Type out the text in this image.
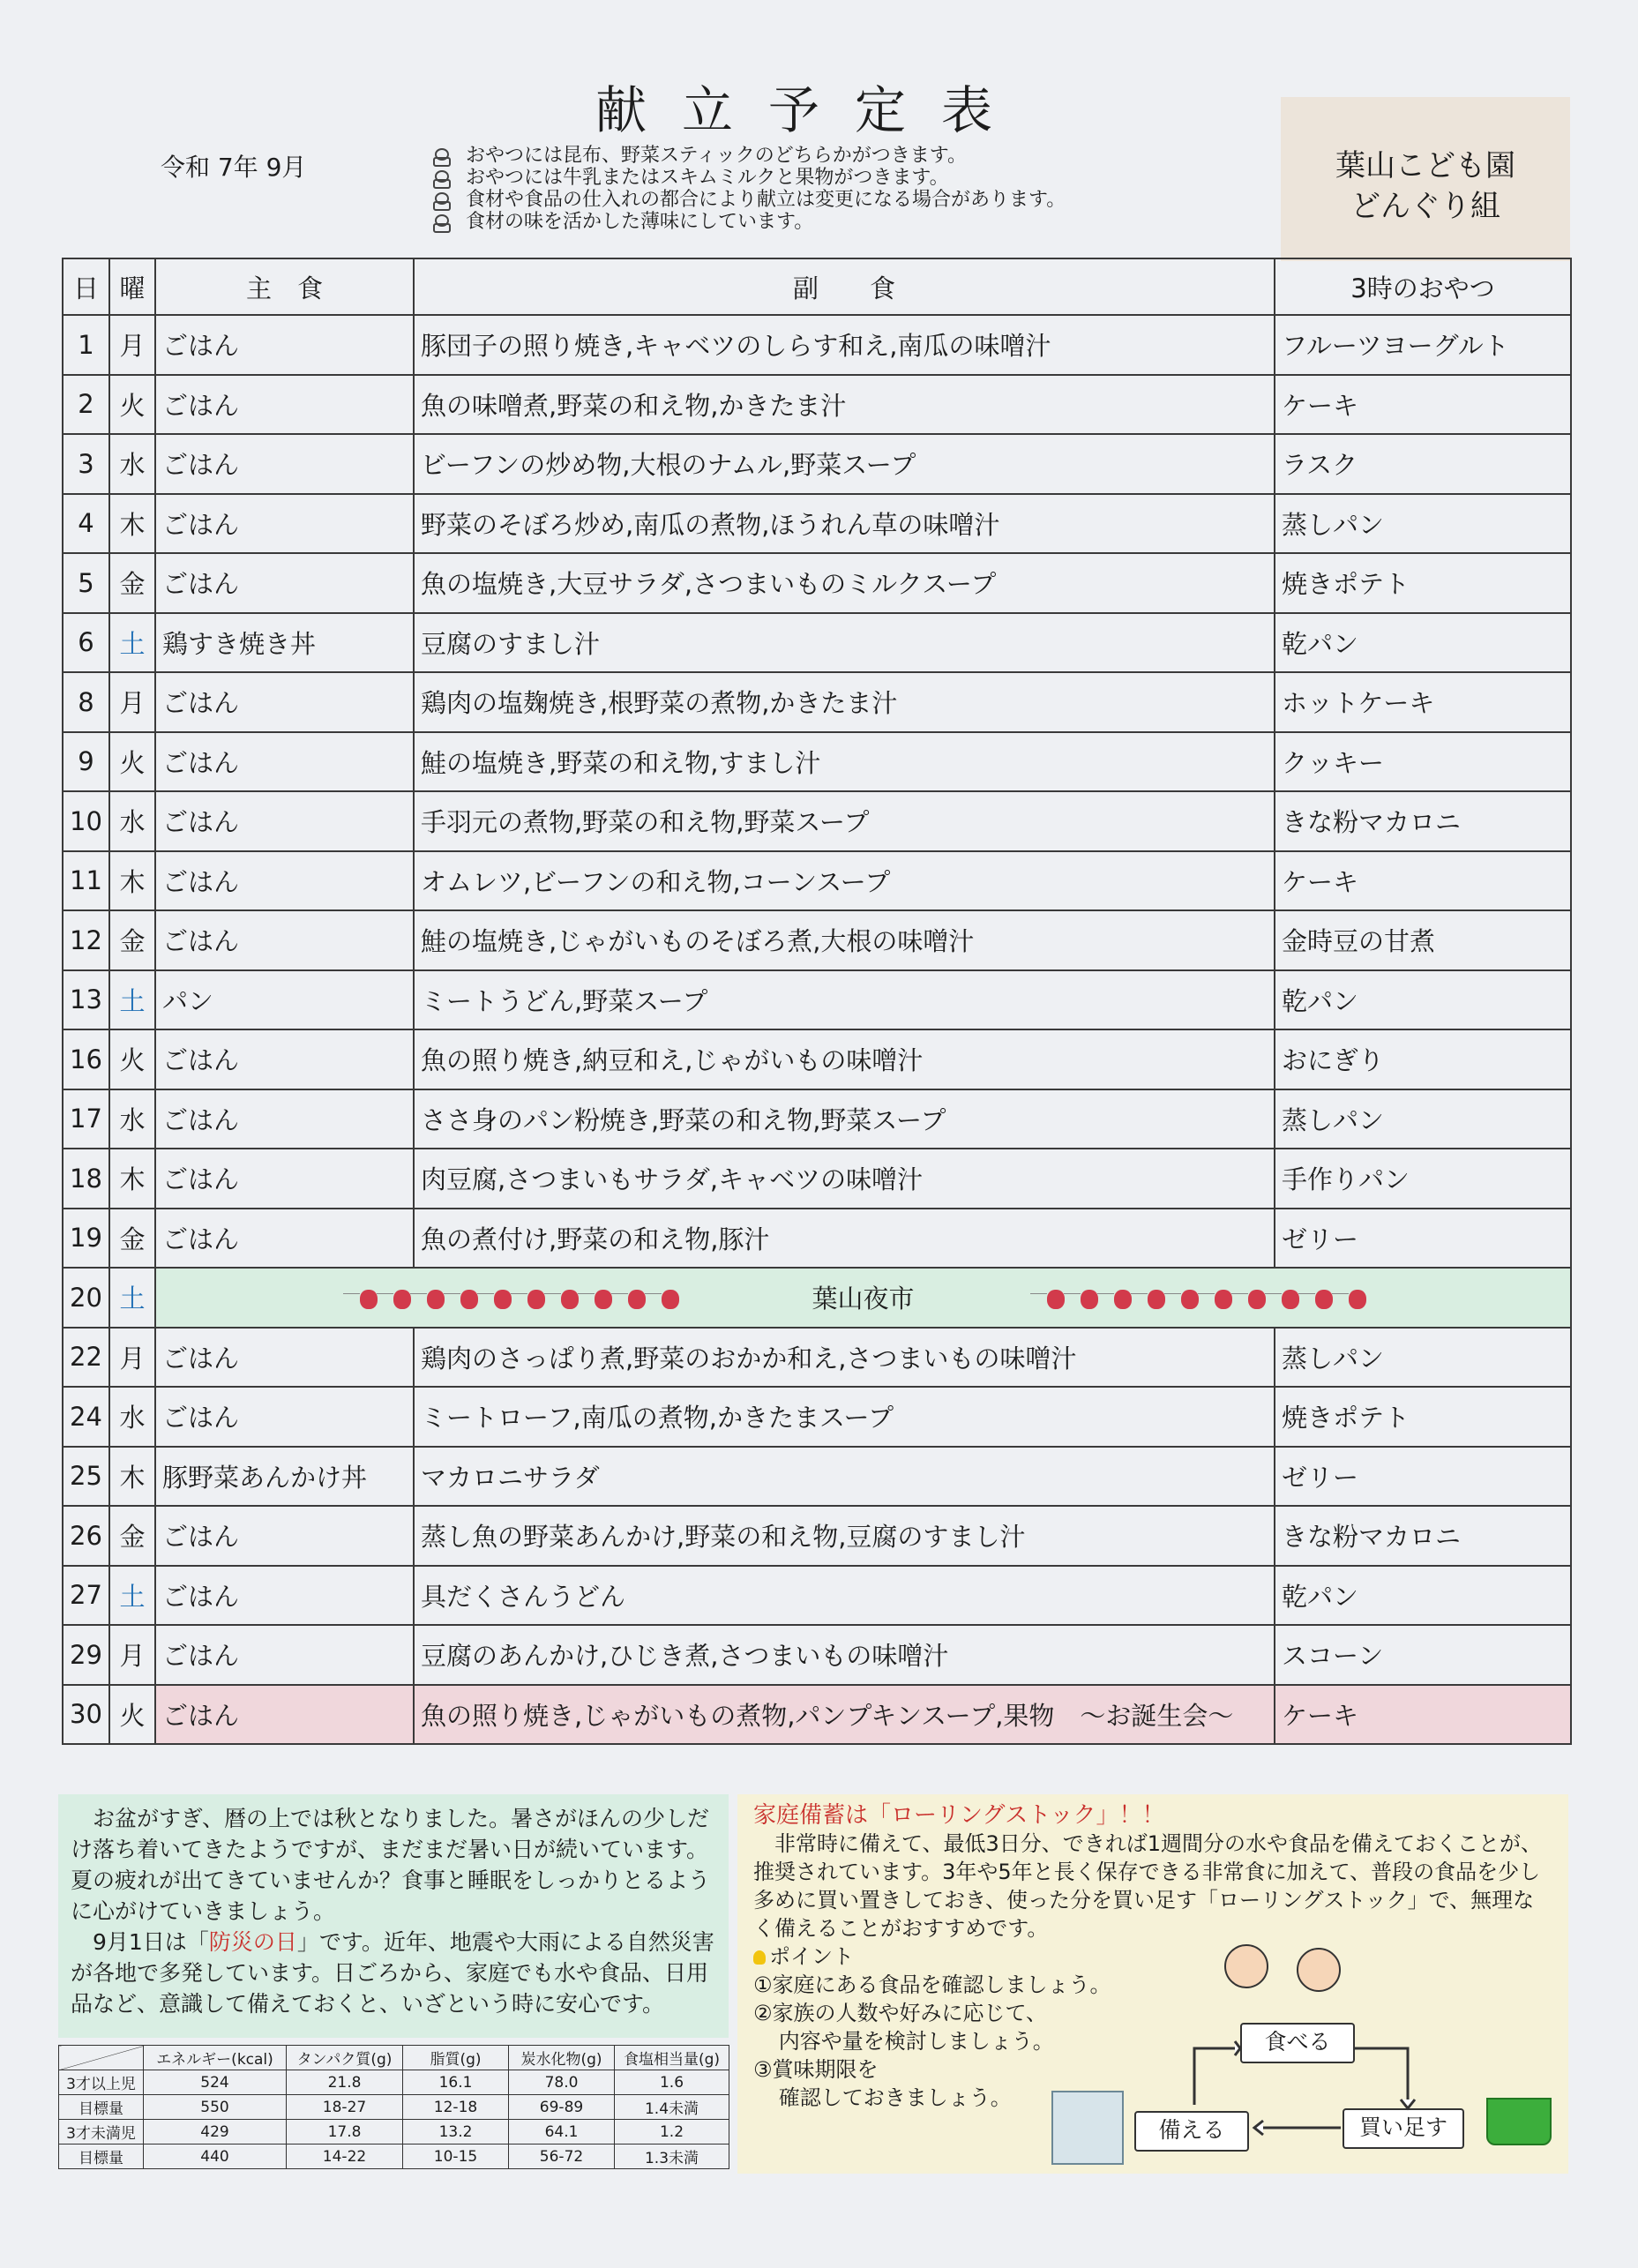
献立予定表
令和 7年 9月	おやつには昆布、野菜スティックのどちらかがつきます。
おやつには牛乳またはスキムミルクと果物がつきます。
食材や食品の仕入れの都合により献立は変更になる場合があります。
食材の味を活かした薄味にしています。
葉山こども園
どんぐり組
日	曜	主　食	副　　食	3時のおやつ
1	月	ごはん	豚団子の照り焼き,キャベツのしらす和え,南瓜の味噌汁	フルーツヨーグルト
2	火	ごはん	魚の味噌煮,野菜の和え物,かきたま汁	ケーキ
3	水	ごはん	ビーフンの炒め物,大根のナムル,野菜スープ	ラスク
4	木	ごはん	野菜のそぼろ炒め,南瓜の煮物,ほうれん草の味噌汁	蒸しパン
5	金	ごはん	魚の塩焼き,大豆サラダ,さつまいものミルクスープ	焼きポテト
6	土	鶏すき焼き丼	豆腐のすまし汁	乾パン
8	月	ごはん	鶏肉の塩麹焼き,根野菜の煮物,かきたま汁	ホットケーキ
9	火	ごはん	鮭の塩焼き,野菜の和え物,すまし汁	クッキー
10	水	ごはん	手羽元の煮物,野菜の和え物,野菜スープ	きな粉マカロニ
11	木	ごはん	オムレツ,ビーフンの和え物,コーンスープ	ケーキ
12	金	ごはん	鮭の塩焼き,じゃがいものそぼろ煮,大根の味噌汁	金時豆の甘煮
13	土	パン	ミートうどん,野菜スープ	乾パン
16	火	ごはん	魚の照り焼き,納豆和え,じゃがいもの味噌汁	おにぎり
17	水	ごはん	ささ身のパン粉焼き,野菜の和え物,野菜スープ	蒸しパン
18	木	ごはん	肉豆腐,さつまいもサラダ,キャベツの味噌汁	手作りパン
19	金	ごはん	魚の煮付け,野菜の和え物,豚汁	ゼリー
20	土	葉山夜市		
22	月	ごはん	鶏肉のさっぱり煮,野菜のおかか和え,さつまいもの味噌汁	蒸しパン
24	水	ごはん	ミートローフ,南瓜の煮物,かきたまスープ	焼きポテト
25	木	豚野菜あんかけ丼	マカロニサラダ	ゼリー
26	金	ごはん	蒸し魚の野菜あんかけ,野菜の和え物,豆腐のすまし汁	きな粉マカロニ
27	土	ごはん	具だくさんうどん	乾パン
29	月	ごはん	豆腐のあんかけ,ひじき煮,さつまいもの味噌汁	スコーン
30	火	ごはん	魚の照り焼き,じゃがいもの煮物,パンプキンスープ,果物　～お誕生会～	ケーキ

お盆がすぎ、暦の上では秋となりました。暑さがほんの少しだけ落ち着いてきたようですが、まだまだ暑い日が続いています。夏の疲れが出てきていませんか？食事と睡眠をしっかりとるように心がけていきましょう。

9月1日は「防災の日」です。近年、地震や大雨による自然災害が各地で多発しています。日ごろから、家庭でも水や食品、日用品など、意識して備えておくと、いざという時に安心です。

	エネルギー(kcal)	タンパク質(g)	脂質(g)	炭水化物(g)	食塩相当量(g)
3才以上児	524	21.8	16.1	78.0	1.6
目標量	550	18-27	12-18	69-89	1.4未満
3才未満児	429	17.8	13.2	64.1	1.2
目標量	440	14-22	10-15	56-72	1.3未満

家庭備蓄は「ローリングストック」！！

非常時に備えて、最低3日分、できれば1週間分の水や食品を備えておくことが、推奨されています。3年や5年と長く保存できる非常食に加えて、普段の食品を少し多めに買い置きしておき、使った分を買い足す「ローリングストック」で、無理なく備えることがおすすめです。

ポイント

①家庭にある食品を確認しましょう。

②家族の人数や好みに応じて、

内容や量を検討しましょう。

③賞味期限を

確認しておきましょう。

食べる
買い足す
備える
